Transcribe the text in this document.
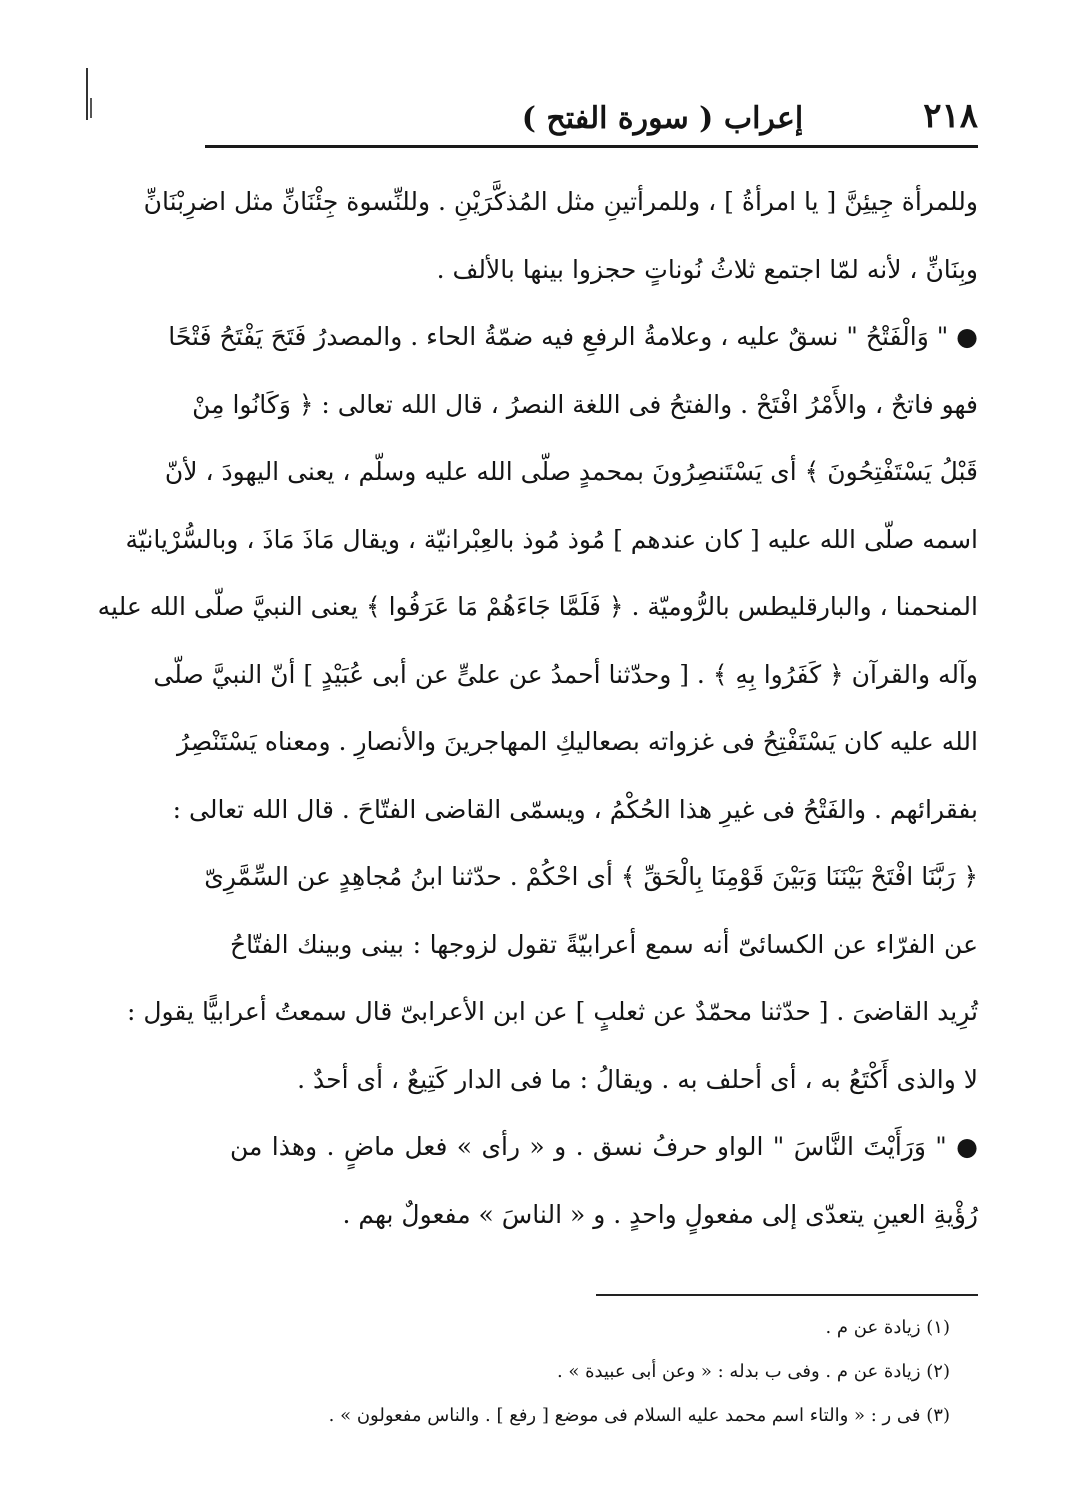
٢١٨
إعراب ( سورة الفتح )
وللمرأة جِيئِنَّ [ يا امرأةُ ] ، وللمرأتينِ مثل المُذكَّرَيْنِ . وللنِّسوة جِئْنَانِّ مثل اضرِبْنَانِّ
وبِنَانِّ ، لأنه لمّا اجتمع ثلاثُ نُوناتٍ حجزوا بينها بالألف .
● " وَالْفَتْحُ " نسقٌ عليه ، وعلامةُ الرفعِ فيه ضمّةُ الحاء . والمصدرُ فَتَحَ يَفْتَحُ فَتْحًا
فهو فاتحٌ ، والأَمْرُ افْتَحْ . والفتحُ فى اللغة النصرُ ، قال الله تعالى : ﴿ وَكَانُوا مِنْ
قَبْلُ يَسْتَفْتِحُونَ ﴾ أى يَسْتَنصِرُونَ بمحمدٍ صلّى الله عليه وسلّم ، يعنى اليهودَ ، لأنّ
اسمه صلّى الله عليه [ كان عندهم ] مُوذ مُوذ بالعِبْرانيّة ، ويقال مَاذَ مَاذَ ، وبالسُّرْيانيّة
المنحمنا ، والبارقليطس بالرُّوميّة . ﴿ فَلَمَّا جَاءَهُمْ مَا عَرَفُوا ﴾ يعنى النبيَّ صلّى الله عليه
وآله والقرآن ﴿ كَفَرُوا بِهِ ﴾ . [ وحدّثنا أحمدُ عن علىٍّ عن أبى عُبَيْدٍ ] أنّ النبيَّ صلّى
الله عليه كان يَسْتَفْتِحُ فى غزواته بصعاليكِ المهاجرينَ والأنصارِ . ومعناه يَسْتَنْصِرُ
بفقرائهم . والفَتْحُ فى غيرِ هذا الحُكْمُ ، ويسمّى القاضى الفتّاحَ . قال الله تعالى :
﴿ رَبَّنَا افْتَحْ بَيْنَنَا وَبَيْنَ قَوْمِنَا بِالْحَقِّ ﴾ أى احْكُمْ . حدّثنا ابنُ مُجاهِدٍ عن السِّمَّرِىّ
عن الفرّاء عن الكسائىّ أنه سمع أعرابيّةً تقول لزوجها : بينى وبينك الفتّاحُ
تُرِيد القاضىَ . [ حدّثنا محمّدٌ عن ثعلبٍ ] عن ابن الأعرابىّ قال سمعتُ أعرابيًّا يقول :
لا والذى أَكْتَعُ به ، أى أحلف به . ويقالُ : ما فى الدار كَتِيعٌ ، أى أحدٌ .
● " وَرَأَيْتَ النَّاسَ " الواو حرفُ نسق . و « رأى » فعل ماضٍ . وهذا من
رُؤْيةِ العينِ يتعدّى إلى مفعولٍ واحدٍ . و « الناسَ » مفعولٌ بهم .
(١) زيادة عن م .
(٢) زيادة عن م . وفى ب بدله : « وعن أبى عبيدة » .
(٣) فى ر : « والتاء اسم محمد عليه السلام فى موضع [ رفع ] . والناس مفعولون » .
